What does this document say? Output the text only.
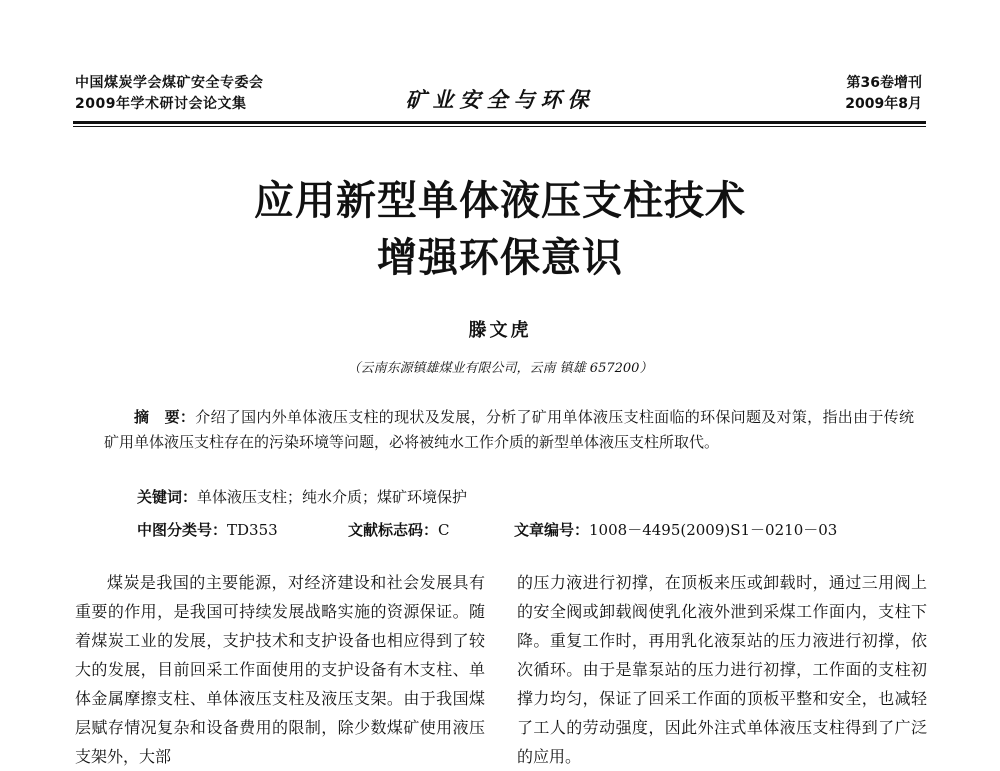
中国煤炭学会煤矿安全专委会
2009年学术研讨会论文集	矿业安全与环保
第36卷增刊
2009年8月
应用新型单体液压支柱技术
增强环保意识
滕文虎
（云南东源镇雄煤业有限公司，云南 镇雄 657200）

摘　要：介绍了国内外单体液压支柱的现状及发展，分析了矿用单体液压支柱面临的环保问题及对策，指出由于传统矿用单体液压支柱存在的污染环境等问题，必将被纯水工作介质的新型单体液压支柱所取代。

关键词：单体液压支柱；纯水介质；煤矿环境保护

中图分类号：TD353	文献标志码：C	文章编号：1008－4495(2009)S1－0210－03

煤炭是我国的主要能源，对经济建设和社会发展具有重要的作用，是我国可持续发展战略实施的资源保证。随着煤炭工业的发展，支护技术和支护设备也相应得到了较大的发展，目前回采工作面使用的支护设备有木支柱、单体金属摩擦支柱、单体液压支柱及液压支架。由于我国煤层赋存情况复杂和设备费用的限制，除少数煤矿使用液压支架外，大部

的压力液进行初撑，在顶板来压或卸载时，通过三用阀上的安全阀或卸载阀使乳化液外泄到采煤工作面内，支柱下降。重复工作时，再用乳化液泵站的压力液进行初撑，依次循环。由于是靠泵站的压力进行初撑，工作面的支柱初撑力均匀，保证了回采工作面的顶板平整和安全，也减轻了工人的劳动强度，因此外注式单体液压支柱得到了广泛的应用。
